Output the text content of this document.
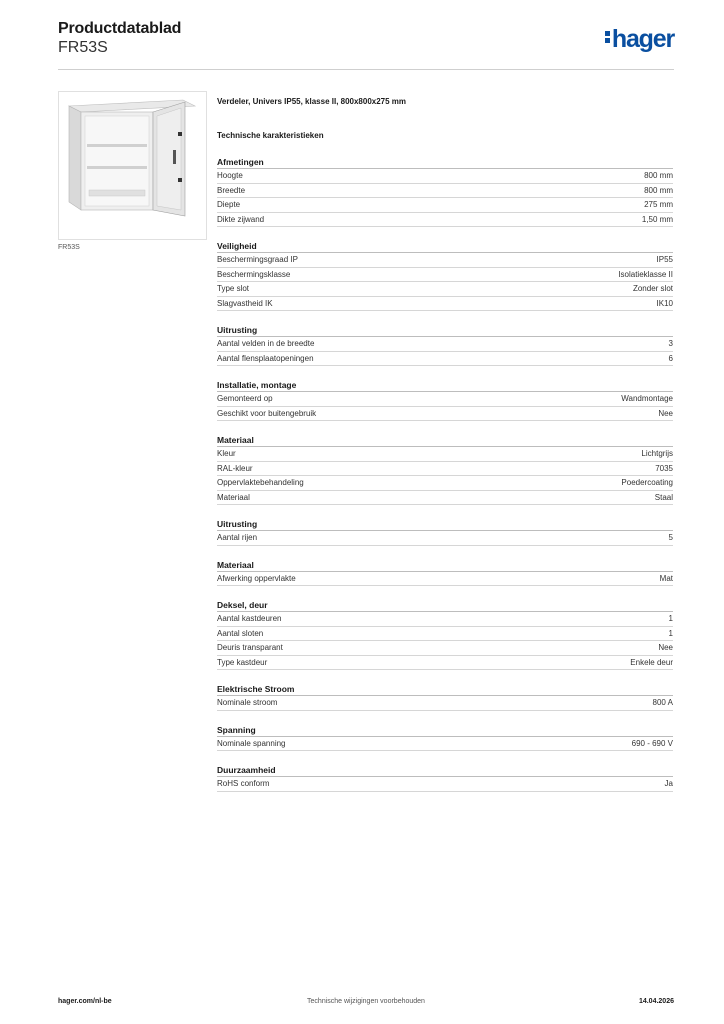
Productdatablad
FR53S	hager
FR53S
Verdeler, Univers IP55, klasse II, 800x800x275 mm
Technische karakteristieken
Afmetingen
Hoogte	800 mm
Breedte	800 mm
Diepte	275 mm
Dikte zijwand	1,50 mm
Veiligheid
Beschermingsgraad IP	IP55
Beschermingsklasse	Isolatieklasse II
Type slot	Zonder slot
Slagvastheid IK	IK10
Uitrusting
Aantal velden in de breedte	3
Aantal flensplaatopeningen	6
Installatie, montage
Gemonteerd op	Wandmontage
Geschikt voor buitengebruik	Nee
Materiaal
Kleur	Lichtgrijs
RAL-kleur	7035
Oppervlaktebehandeling	Poedercoating
Materiaal	Staal
Uitrusting
Aantal rijen	5
Materiaal
Afwerking oppervlakte	Mat
Deksel, deur
Aantal kastdeuren	1
Aantal sloten	1
Deuris transparant	Nee
Type kastdeur	Enkele deur
Elektrische Stroom
Nominale stroom	800 A
Spanning
Nominale spanning	690 - 690 V
Duurzaamheid
RoHS conform	Ja
Technische wijzigingen voorbehouden
hager.com/nl-be	14.04.2026
